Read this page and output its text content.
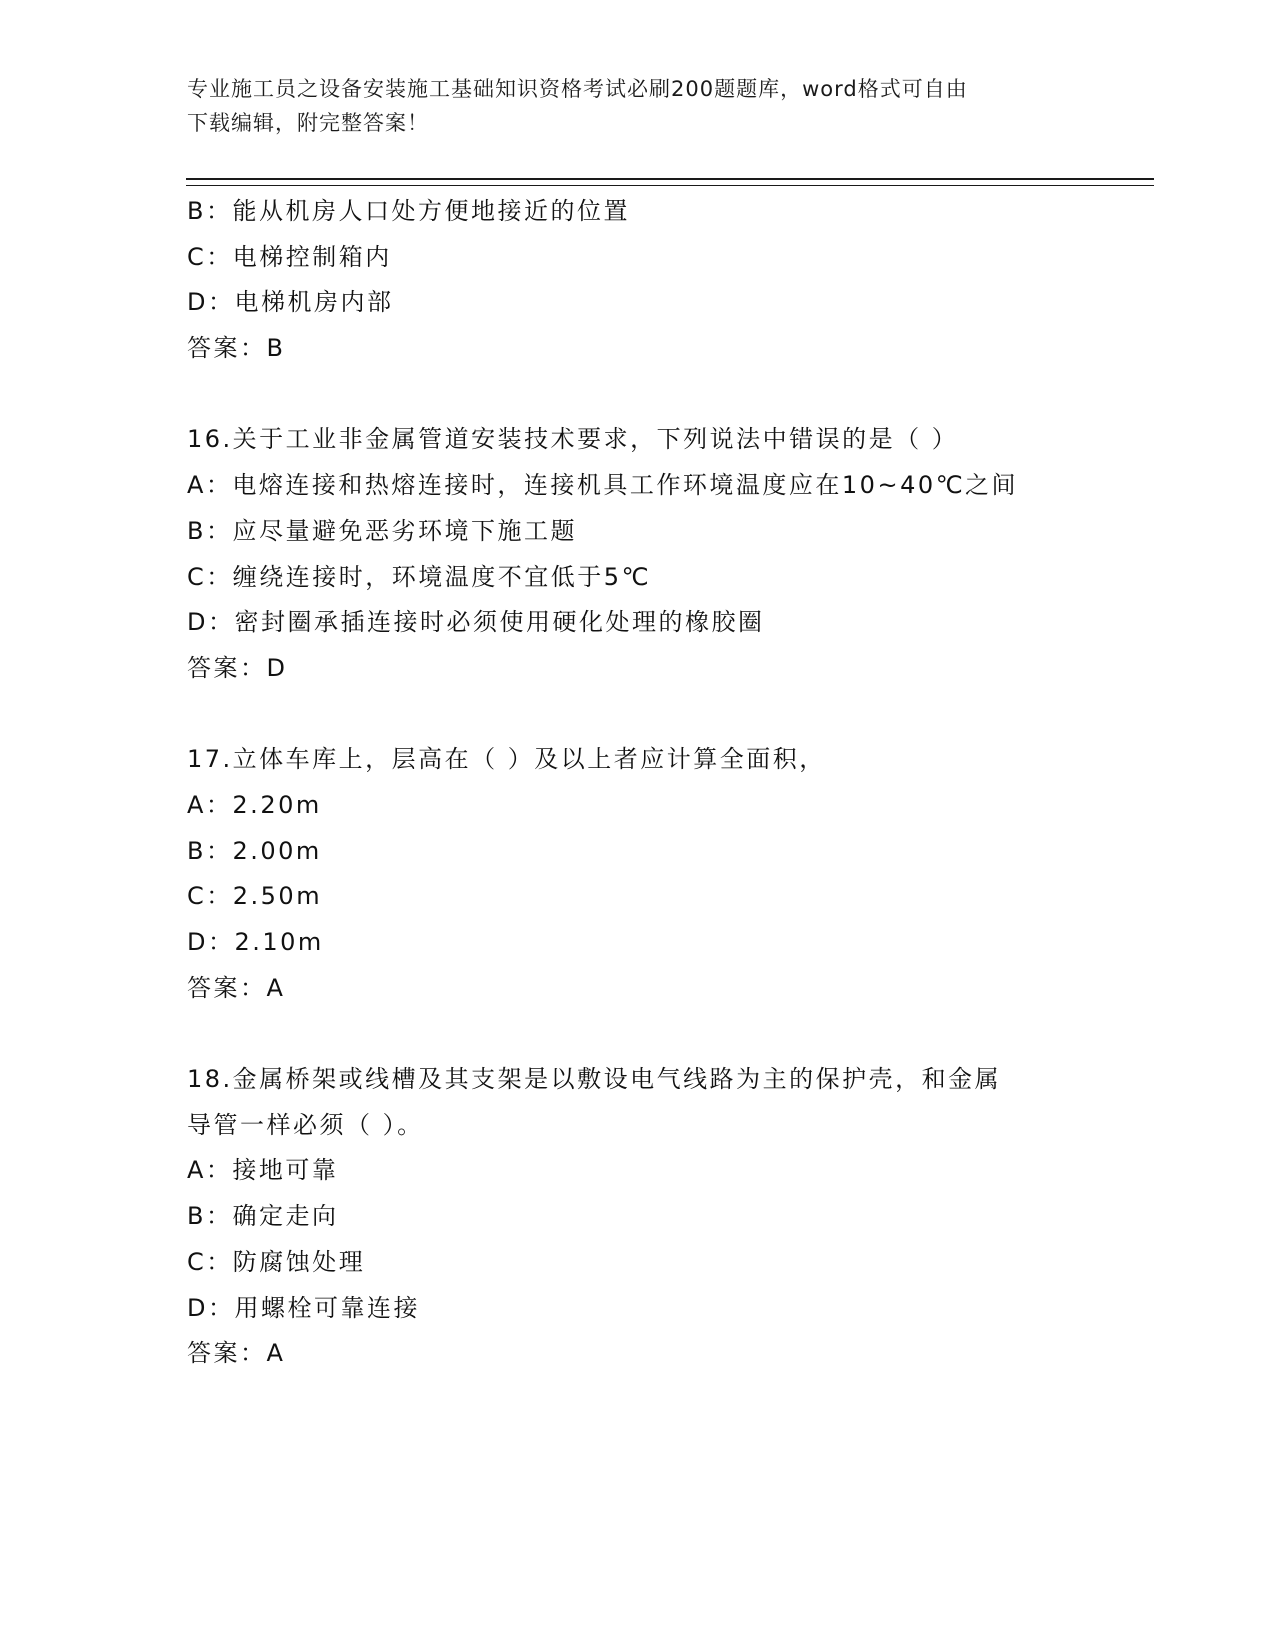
专业施工员之设备安装施工基础知识资格考试必刷200题题库，word格式可自由
下载编辑，附完整答案！
B：能从机房人口处方便地接近的位置
C：电梯控制箱内
D：电梯机房内部
答案：B
16.关于工业非金属管道安装技术要求，下列说法中错误的是（ ）
A：电熔连接和热熔连接时，连接机具工作环境温度应在10~40℃之间
B：应尽量避免恶劣环境下施工题
C：缠绕连接时，环境温度不宜低于5℃
D：密封圈承插连接时必须使用硬化处理的橡胶圈
答案：D
17.立体车库上，层高在（ ）及以上者应计算全面积，
A：2.20m
B：2.00m
C：2.50m
D：2.10m
答案：A
18.金属桥架或线槽及其支架是以敷设电气线路为主的保护壳，和金属
导管一样必须（ ）。
A：接地可靠
B：确定走向
C：防腐蚀处理
D：用螺栓可靠连接
答案：A
